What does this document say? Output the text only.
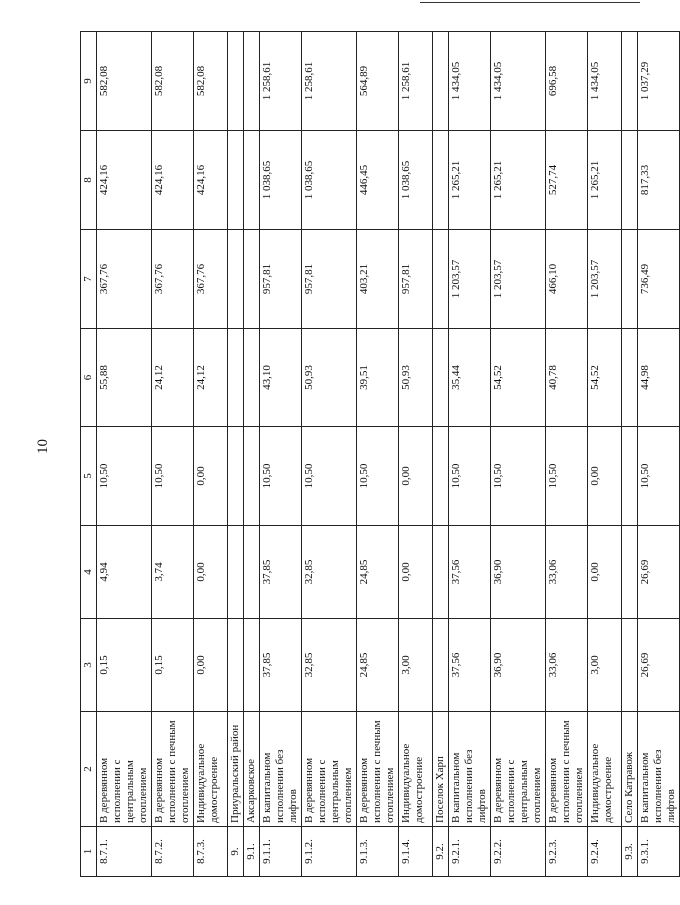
10
1	2	3	4	5	6	7	8	9
8.7.1.	В деревянном исполнении с центральным отоплением	0,15	4,94	10,50	55,88	367,76	424,16	582,08
8.7.2.	В деревянном исполнении с печным отоплением	0,15	3,74	10,50	24,12	367,76	424,16	582,08
8.7.3.	Индивидуальное домостроение	0,00	0,00	0,00	24,12	367,76	424,16	582,08
9.	Приуральский район							
9.1.	Аксарковское							
9.1.1.	В капитальном исполнении без лифтов	37,85	37,85	10,50	43,10	957,81	1 038,65	1 258,61
9.1.2.	В деревянном исполнении с центральным отоплением	32,85	32,85	10,50	50,93	957,81	1 038,65	1 258,61
9.1.3.	В деревянном исполнении с печным отоплением	24,85	24,85	10,50	39,51	403,21	446,45	564,89
9.1.4.	Индивидуальное домостроение	3,00	0,00	0,00	50,93	957,81	1 038,65	1 258,61
9.2.	Поселок Харп							
9.2.1.	В капитальном исполнении без лифтов	37,56	37,56	10,50	35,44	1 203,57	1 265,21	1 434,05
9.2.2.	В деревянном исполнении с центральным отоплением	36,90	36,90	10,50	54,52	1 203,57	1 265,21	1 434,05
9.2.3.	В деревянном исполнении с печным отоплением	33,06	33,06	10,50	40,78	466,10	527,74	696,58
9.2.4.	Индивидуальное домостроение	3,00	0,00	0,00	54,52	1 203,57	1 265,21	1 434,05
9.3.	Село Катравож							
9.3.1.	В капитальном исполнении без лифтов	26,69	26,69	10,50	44,98	736,49	817,33	1 037,29
